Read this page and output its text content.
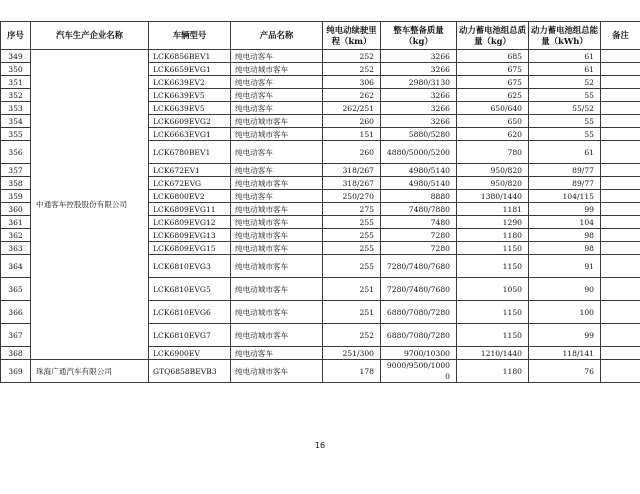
序号	汽车生产企业名称	车辆型号	产品名称	纯电动续驶里程（km）	整车整备质量（kg）	动力蓄电池组总质量（kg）	动力蓄电池组总能量（kWh）	备注
349	中通客车控股股份有限公司	LCK6856BEV1	纯电动客车	252	3266	685	61	
350		LCK6659EVG1	纯电动城市客车	252	3266	675	61	
351		LCK6639EV2	纯电动客车	306	2980/3130	675	52	
352		LCK6639EV5	纯电动客车	262	3266	625	55	
353		LCK6639EV5	纯电动客车	262/251	3266	650/640	55/52	
354		LCK6609EVG2	纯电动城市客车	260	3266	650	55	
355		LCK6663EVG1	纯电动城市客车	151	5880/5280	620	55	
356		LCK6780BEV1	纯电动客车	260	4880/5000/5200	780	61	
357		LCK672EV1	纯电动客车	318/267	4980/5140	950/820	89/77	
358		LCK672EVG	纯电动城市客车	318/267	4980/5140	950/820	89/77	
359		LCK6800EV2	纯电动客车	250/270	8880	1380/1440	104/115	
360		LCK6809EVG11	纯电动城市客车	275	7480/7880	1181	99	
361		LCK6809EVG12	纯电动城市客车	255	7480	1290	104	
362		LCK6809EVG13	纯电动城市客车	255	7280	1180	98	
363		LCK6809EVG15	纯电动城市客车	255	7280	1150	98	
364		LCK6810EVG3	纯电动城市客车	255	7280/7480/7680	1150	91	
365		LCK6810EVG5	纯电动城市客车	251	7280/7480/7680	1050	90	
366		LCK6810EVG6	纯电动城市客车	251	6880/7080/7280	1150	100	
367		LCK6810EVG7	纯电动城市客车	252	6880/7080/7280	1150	99	
368		LCK6900EV	纯电动客车	251/300	9700/10300	1210/1440	118/141	
369	珠海广通汽车有限公司	GTQ6858BEVB3	纯电动城市客车	178	9000/9500/10000	1180	76	
16
